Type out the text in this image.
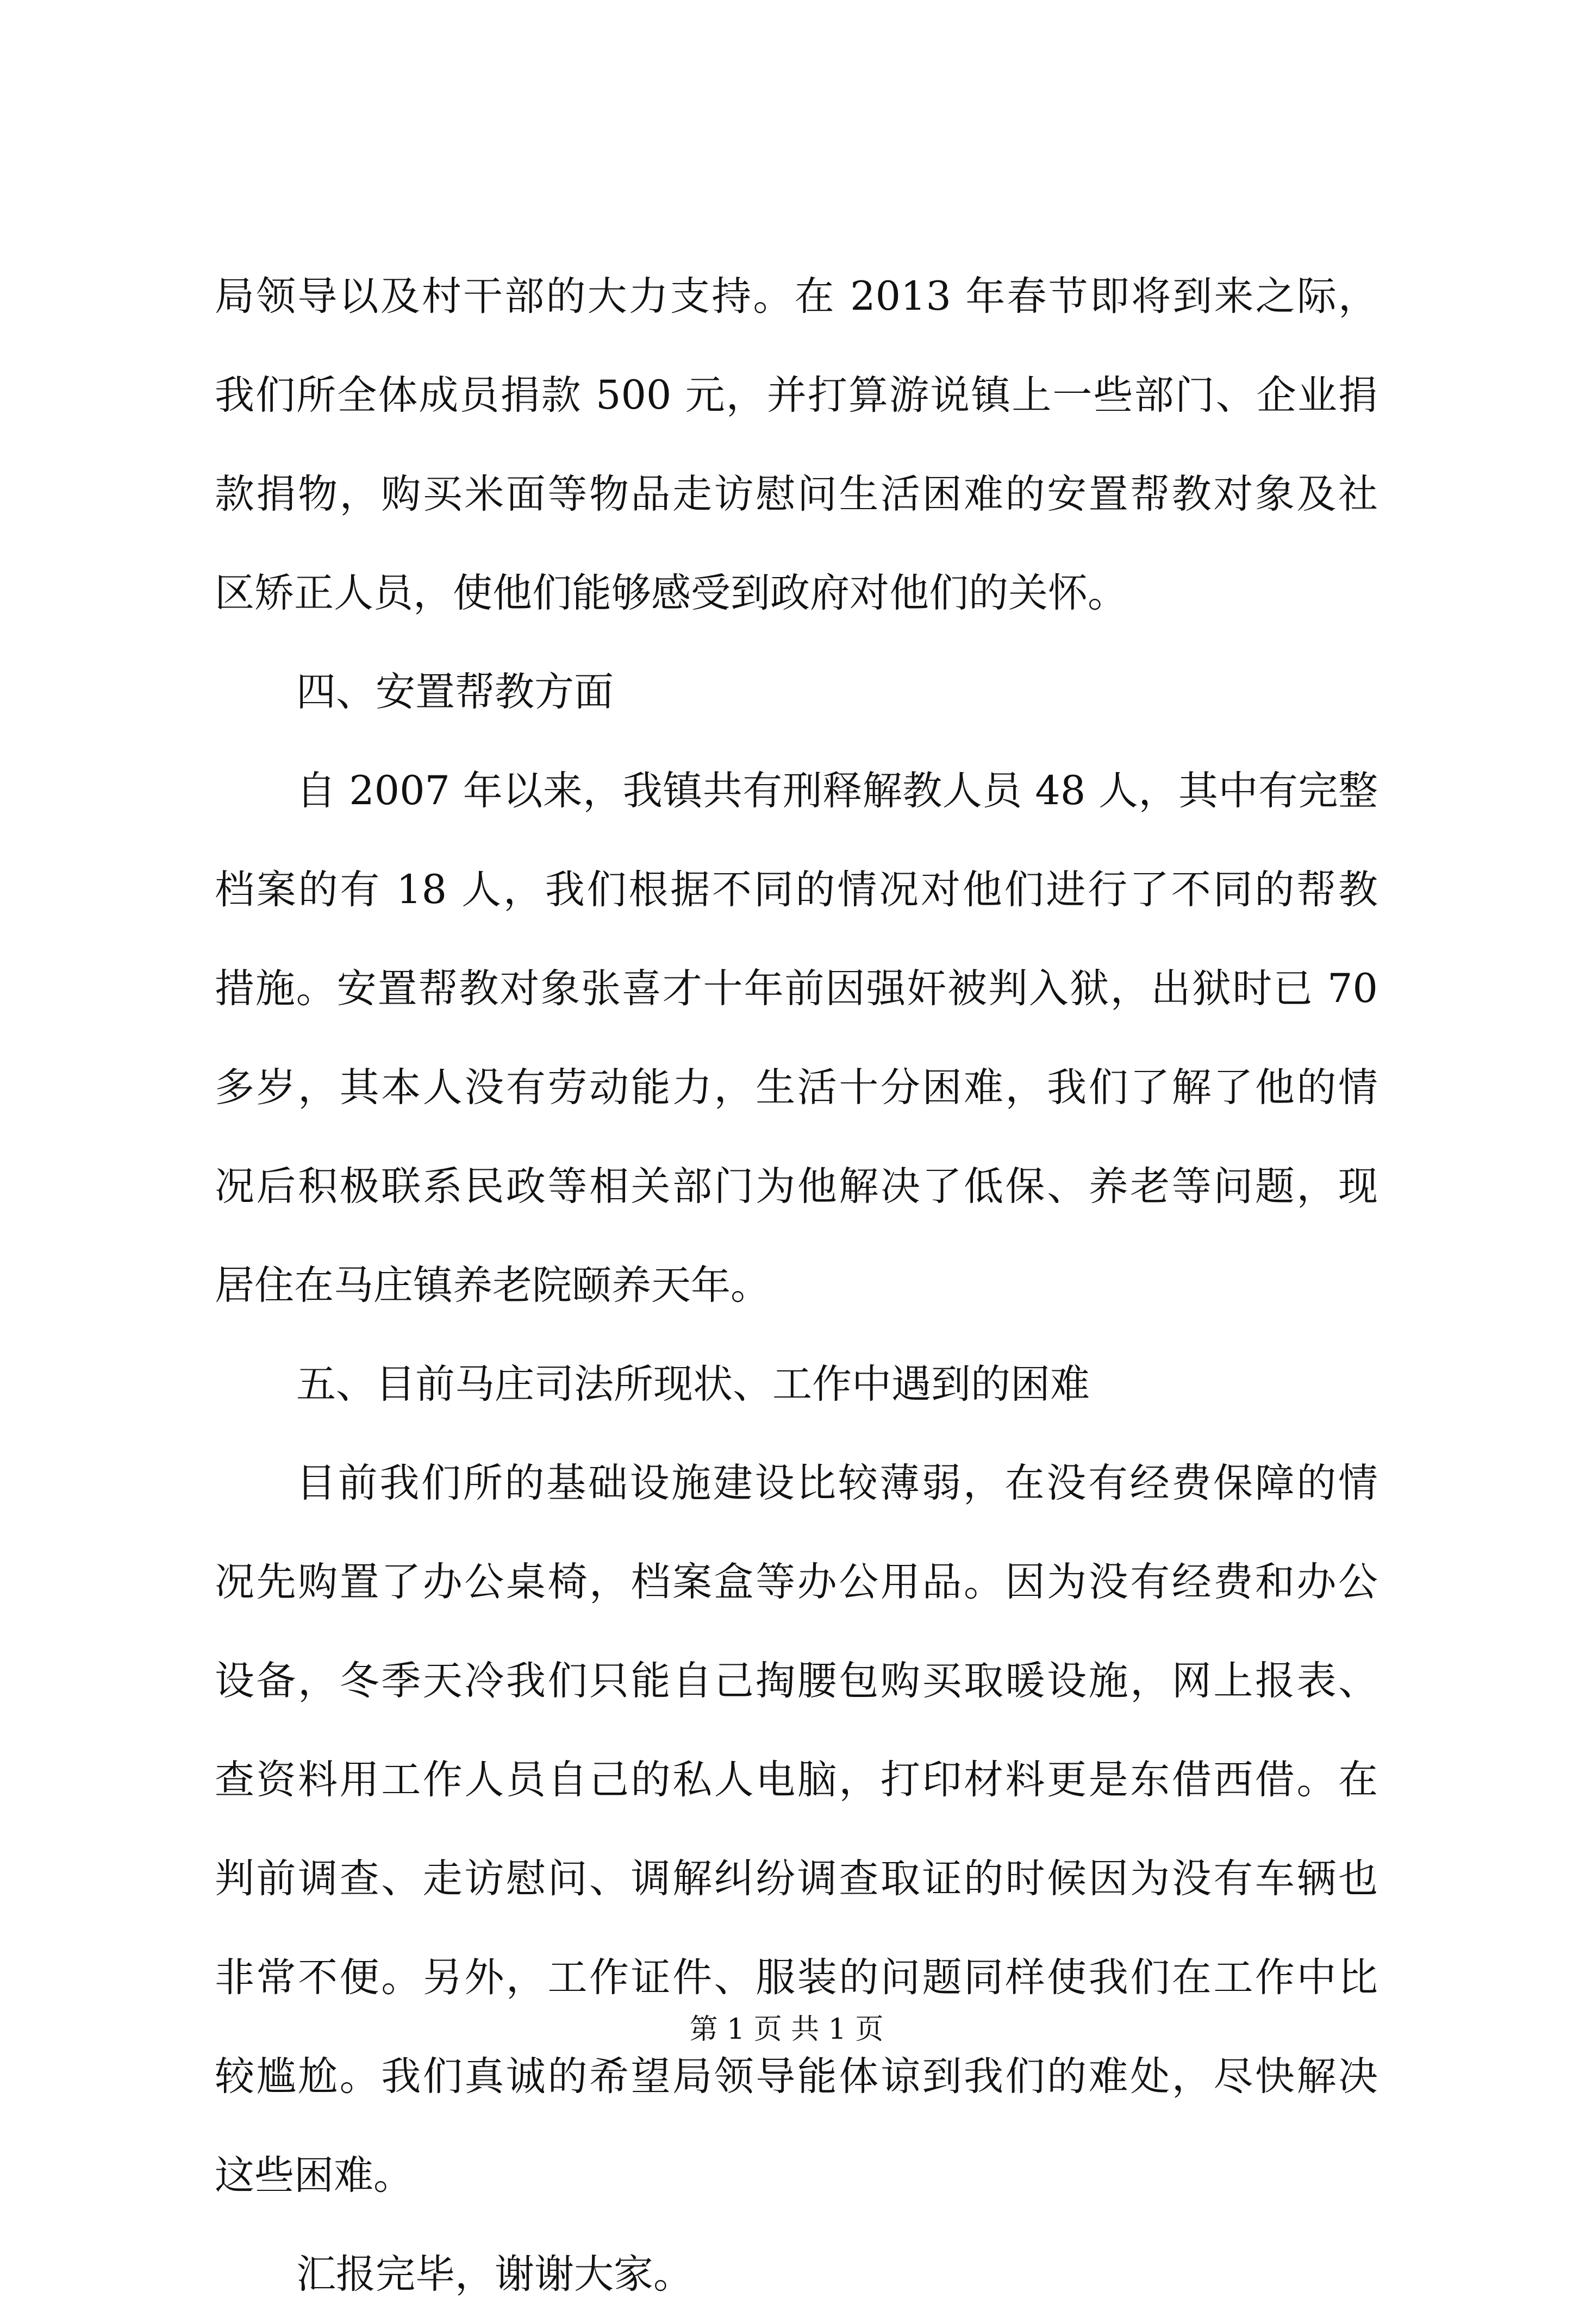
局领导以及村干部的大力支持。在 2013 年春节即将到来之际，
我们所全体成员捐款 500 元，并打算游说镇上一些部门、企业捐
款捐物，购买米面等物品走访慰问生活困难的安置帮教对象及社
区矫正人员，使他们能够感受到政府对他们的关怀。
四、安置帮教方面
自 2007 年以来，我镇共有刑释解教人员 48 人，其中有完整
档案的有 18 人，我们根据不同的情况对他们进行了不同的帮教
措施。安置帮教对象张喜才十年前因强奸被判入狱，出狱时已 70
多岁，其本人没有劳动能力，生活十分困难，我们了解了他的情
况后积极联系民政等相关部门为他解决了低保、养老等问题，现
居住在马庄镇养老院颐养天年。
五、目前马庄司法所现状、工作中遇到的困难
目前我们所的基础设施建设比较薄弱，在没有经费保障的情
况先购置了办公桌椅，档案盒等办公用品。因为没有经费和办公
设备，冬季天冷我们只能自己掏腰包购买取暖设施，网上报表、
查资料用工作人员自己的私人电脑，打印材料更是东借西借。在
判前调查、走访慰问、调解纠纷调查取证的时候因为没有车辆也
非常不便。另外，工作证件、服装的问题同样使我们在工作中比
较尴尬。我们真诚的希望局领导能体谅到我们的难处，尽快解决
这些困难。
汇报完毕，谢谢大家。
第 1 页 共 1 页
